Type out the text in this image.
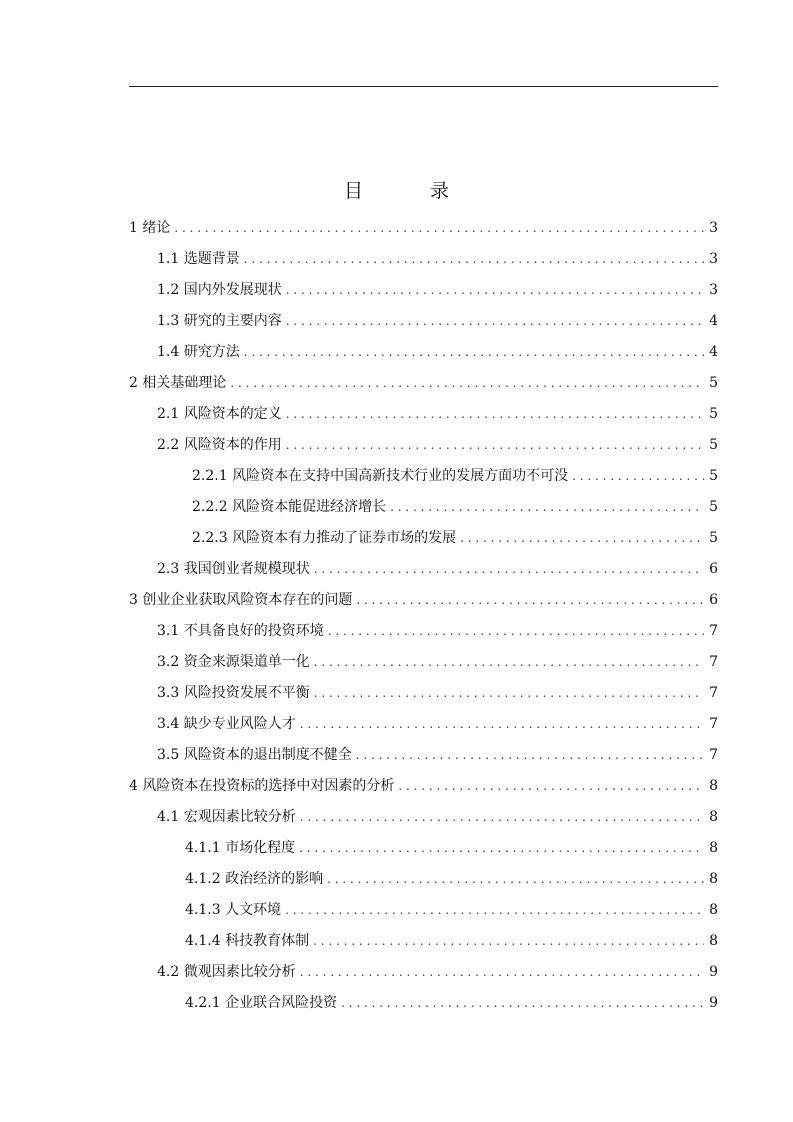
目　录
1 绪论 . . .	3
1.1 选题背景 . . .	3
1.2 国内外发展现状 . . .	3
1.3 研究的主要内容 . . .	4
1.4 研究方法 . . .	4
2 相关基础理论 . . .	5
2.1 风险资本的定义 . . .	5
2.2 风险资本的作用 . . .	5
2.2.1 风险资本在支持中国高新技术行业的发展方面功不可没 . . .	5
2.2.2 风险资本能促进经济增长 . . .	5
2.2.3 风险资本有力推动了证券市场的发展 . . .	5
2.3 我国创业者规模现状 . . .	6
3 创业企业获取风险资本存在的问题 . . .	6
3.1 不具备良好的投资环境 . . .	7
3.2 资金来源渠道单一化 . . .	7
3.3 风险投资发展不平衡 . . .	7
3.4 缺少专业风险人才 . . .	7
3.5 风险资本的退出制度不健全 . . .	7
4 风险资本在投资标的选择中对因素的分析 . . .	8
4.1 宏观因素比较分析 . . .	8
4.1.1 市场化程度 . . .	8
4.1.2 政治经济的影响 . . .	8
4.1.3 人文环境 . . .	8
4.1.4 科技教育体制 . . .	8
4.2 微观因素比较分析 . . .	9
4.2.1 企业联合风险投资 . . .	9
